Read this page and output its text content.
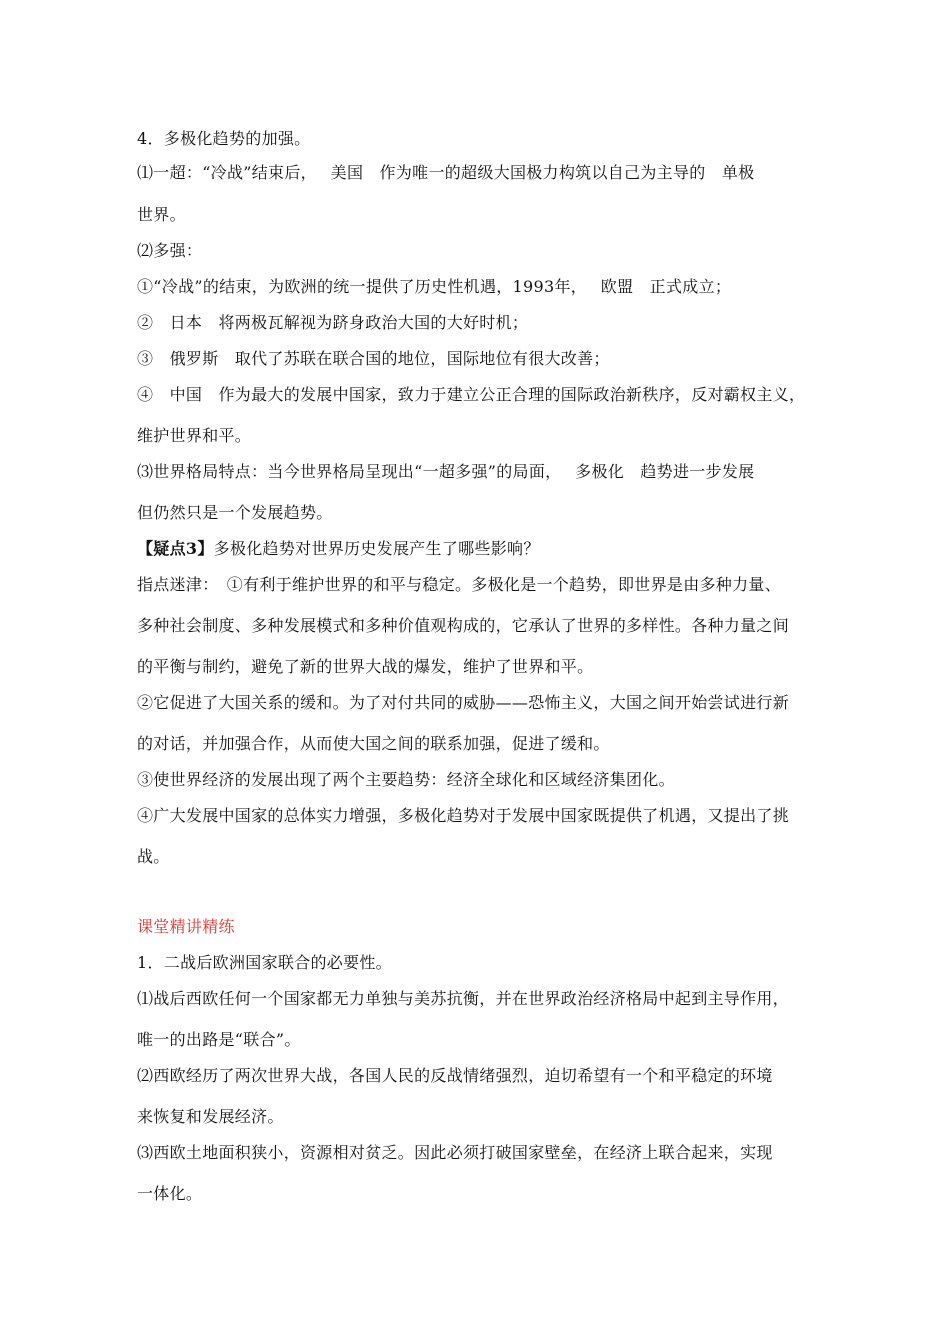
4．多极化趋势的加强。
⑴一超：“冷战”结束后，　 美国　作为唯一的超级大国极力构筑以自己为主导的　单极
世界。
⑵多强：
①“冷战”的结束，为欧洲的统一提供了历史性机遇，1993年，　 欧盟　正式成立；
②　日本　将两极瓦解视为跻身政治大国的大好时机；
③　俄罗斯　取代了苏联在联合国的地位，国际地位有很大改善；
④　中国　作为最大的发展中国家，致力于建立公正合理的国际政治新秩序，反对霸权主义，
维护世界和平。
⑶世界格局特点：当今世界格局呈现出“一超多强”的局面，　 多极化　趋势进一步发展
但仍然只是一个发展趋势。
【疑点3】多极化趋势对世界历史发展产生了哪些影响？
指点迷津：　①有利于维护世界的和平与稳定。多极化是一个趋势，即世界是由多种力量、
多种社会制度、多种发展模式和多种价值观构成的，它承认了世界的多样性。各种力量之间
的平衡与制约，避免了新的世界大战的爆发，维护了世界和平。
②它促进了大国关系的缓和。为了对付共同的威胁——恐怖主义，大国之间开始尝试进行新
的对话，并加强合作，从而使大国之间的联系加强，促进了缓和。
③使世界经济的发展出现了两个主要趋势：经济全球化和区域经济集团化。
④广大发展中国家的总体实力增强，多极化趋势对于发展中国家既提供了机遇，又提出了挑
战。
课堂精讲精练
1．二战后欧洲国家联合的必要性。
⑴战后西欧任何一个国家都无力单独与美苏抗衡，并在世界政治经济格局中起到主导作用，
唯一的出路是“联合”。
⑵西欧经历了两次世界大战，各国人民的反战情绪强烈，迫切希望有一个和平稳定的环境
来恢复和发展经济。
⑶西欧土地面积狭小，资源相对贫乏。因此必须打破国家壁垒，在经济上联合起来，实现
一体化。
